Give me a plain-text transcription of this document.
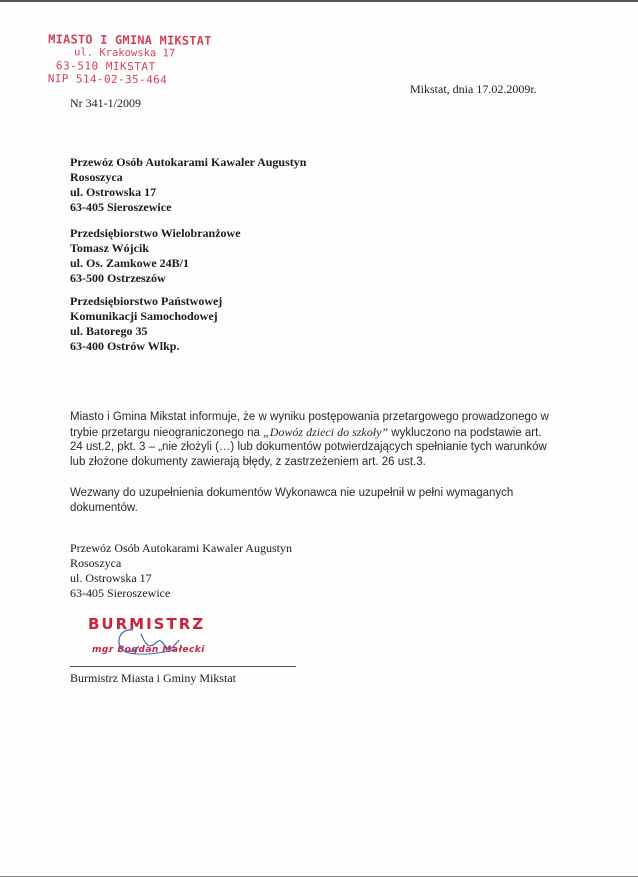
MIASTO I GMINA MIKSTAT
ul. Krakowska 17
63-510 MIKSTAT
NIP 514-02-35-464
Nr 341-1/2009
Mikstat, dnia 17.02.2009r.
Przewóz Osób Autokarami Kawaler Augustyn
Rososzyca
ul. Ostrowska 17
63-405 Sieroszewice
Przedsiębiorstwo Wielobranżowe
Tomasz Wójcik
ul. Os. Zamkowe 24B/1
63-500 Ostrzeszów
Przedsiębiorstwo Państwowej
Komunikacji Samochodowej
ul. Batorego 35
63-400 Ostrów Wlkp.

Miasto i Gmina Mikstat informuje, że w wyniku postępowania przetargowego prowadzonego w trybie przetargu nieograniczonego na „Dowóz dzieci do szkoły” wykluczono na podstawie art. 24 ust.2, pkt. 3 – „nie złożyli (…) lub dokumentów potwierdzających spełnianie tych warunków lub złożone dokumenty zawierają błędy, z zastrzeżeniem art. 26 ust.3.

Wezwany do uzupełnienia dokumentów Wykonawca nie uzupełnił w pełni wymaganych dokumentów.

Przewóz Osób Autokarami Kawaler Augustyn
Rososzyca
ul. Ostrowska 17
63-405 Sieroszewice
BURMISTRZ
mgr Bogdan Małecki
Burmistrz Miasta i Gminy Mikstat
